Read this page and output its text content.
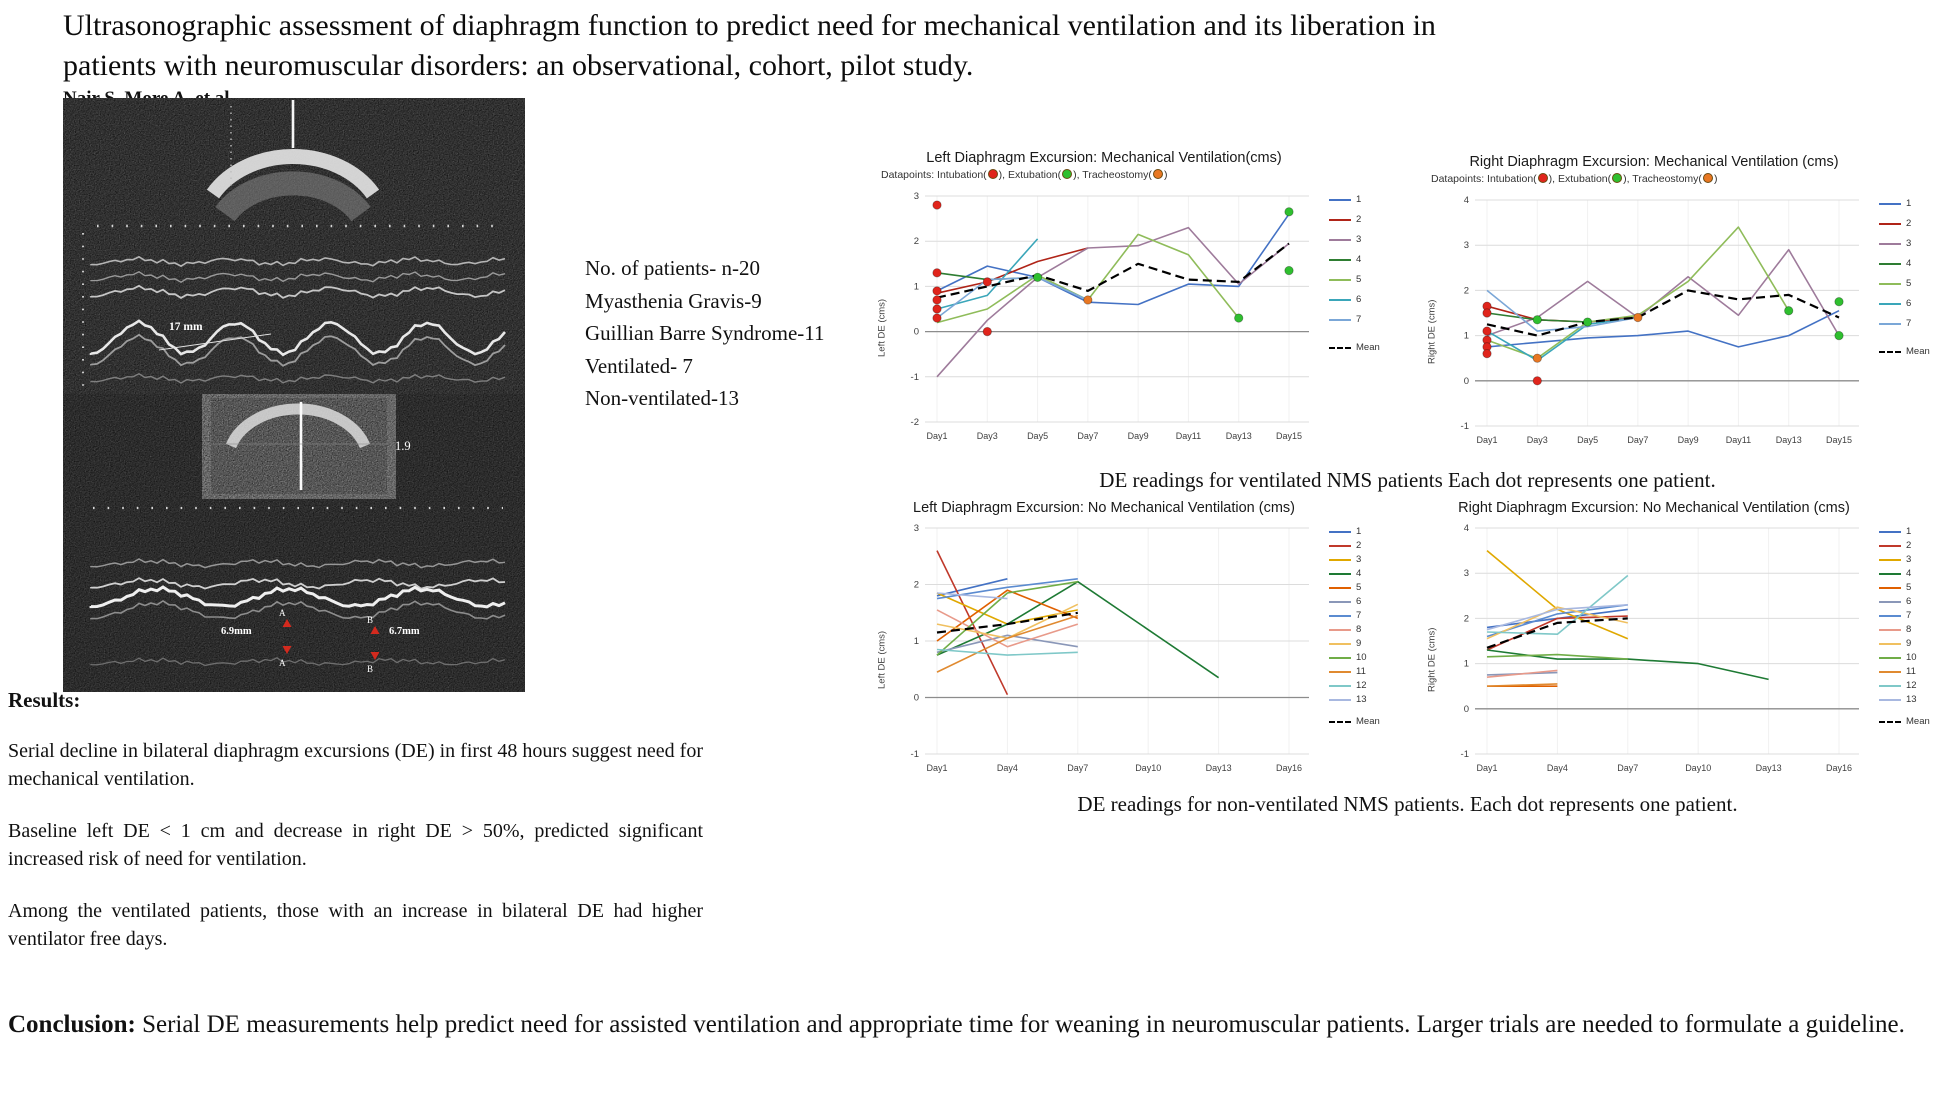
Ultrasonographic assessment of diaphragm function to predict need for mechanical ventilation and its liberation in
patients with neuromuscular disorders: an observational, cohort, pilot study.
17 mm
1.9
A
A
B
B
6.9mm	6.7mm
No. of patients- n-20
Myasthenia Gravis-9
Guillian Barre Syndrome-11
Ventilated- 7
Non-ventilated-13
Left Diaphragm Excursion: Mechanical Ventilation(cms)
Datapoints: Intubation( ), Extubation( ), Tracheostomy( )
Left DE (cms)
-2
-1
0
1
2
3
Day1	Day3	Day5	Day7	Day9	Day11	Day13	Day15
1
2
3
4
5
6
7
Mean
Right Diaphragm Excursion: Mechanical Ventilation (cms)
Datapoints: Intubation( ), Extubation( ), Tracheostomy( )
Right DE (cms)
-1
0
1
2
3
4
Day1	Day3	Day5	Day7	Day9	Day11	Day13	Day15
1
2
3
4
5
6
7
Mean
DE readings for ventilated NMS patients Each dot represents one patient.
Left Diaphragm Excursion: No Mechanical Ventilation (cms)
Left DE (cms)
-1
0
1
2
3
Day1	Day4	Day7	Day10	Day13	Day16
1
2
3
4
5
6
7
8
9
10
11
12
13
Mean
Right Diaphragm Excursion: No Mechanical Ventilation (cms)
Right DE (cms)
-1
0
1
2
3
4
Day1	Day4	Day7	Day10	Day13	Day16
1
2
3
4
5
6
7
8
9
10
11
12
13
Mean
DE readings for non-ventilated NMS patients. Each dot represents one patient.
Results:

Serial decline in bilateral diaphragm excursions (DE) in first 48 hours suggest need for mechanical ventilation.

Baseline left DE < 1 cm and decrease in right DE > 50%, predicted significant increased risk of need for ventilation.

Among the ventilated patients, those with an increase in bilateral DE had higher ventilator free days.

Conclusion: Serial DE measurements help predict need for assisted ventilation and appropriate time for weaning in neuromuscular patients. Larger trials are needed to formulate a guideline.
